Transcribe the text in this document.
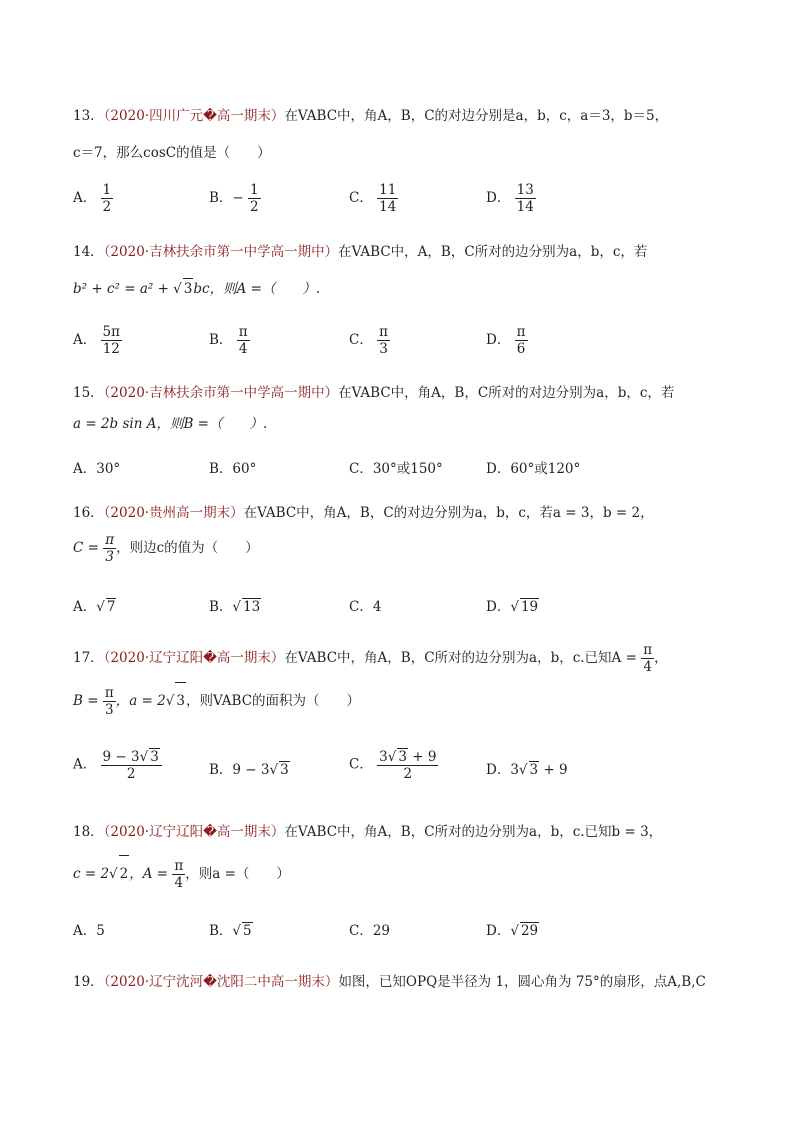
13．（2020·四川广元�高一期末）在VABC中，角A，B，C的对边分别是a，b，c，a＝3，b＝5，
c＝7，那么cosC的值是（　　）
A． $\frac{1}{2}$	B．− $\frac{1}{2}$	C． $\frac{11}{14}$	D． $\frac{13}{14}$
14．（2020·吉林扶余市第一中学高一期中）在VABC中，A，B，C所对的边分别为a，b，c，若
b² + c² = a² + √ 3bc，则A =（　　）.
A． $\frac{5\pi}{12}$	B． $\frac{\pi}{4}$	C． $\frac{\pi}{3}$	D． $\frac{\pi}{6}$
15．（2020·吉林扶余市第一中学高一期中）在VABC中，角A，B，C所对的对边分别为a，b，c，若
a = 2b sin A，则B =（　　）.
A．30°	B．60°	C．30°或150°	D．60°或120°
16．（2020·贵州高一期末）在VABC中，角A，B，C的对边分别为a，b，c，若a = 3，b = 2，
$C = \frac{\pi}{3}$ ，则边c的值为（　　）
A．√ 7	B．√ 13	C．4	D．√ 19
17．（2020·辽宁辽阳�高一期末）在VABC中，角A，B，C所对的边分别为a，b，c.已知$A = \frac{\pi}{4}$ ，
$B = \frac{\pi}{3}$ ，a = 2√ 3，则VABC的面积为（　　）
A． $\frac{9 - 3√ 3}{2}$	B．9 − 3√ 3	C． $\frac{3√ 3 + 9}{2}$	D．3√ 3 + 9
18．（2020·辽宁辽阳�高一期末）在VABC中，角A，B，C所对的边分别为a，b，c.已知b = 3，
c = 2√ 2，$A = \frac{\pi}{4}$ ，则a =（　　）
A．5	B．√ 5	C．29	D．√ 29
19．（2020·辽宁沈河�沈阳二中高一期末）如图，已知OPQ是半径为 1，圆心角为 75°的扇形，点A,B,C
